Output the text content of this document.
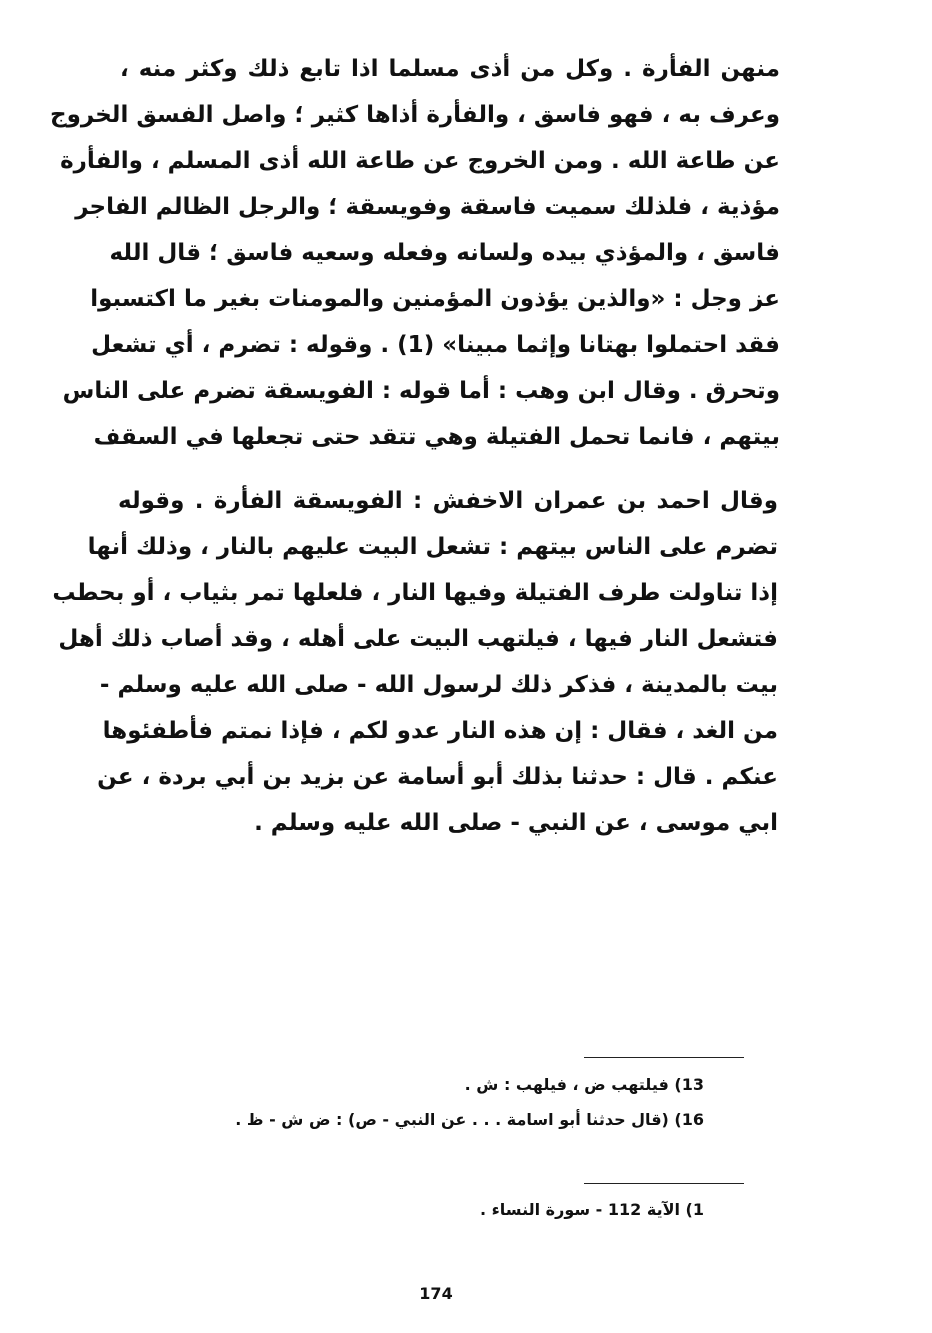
منهن الفأرة . وكل من أذى مسلما اذا تابع ذلك وكثر منه ،
وعرف به ، فهو فاسق ، والفأرة أذاها كثير ؛ واصل الفسق الخروج
عن طاعة الله . ومن الخروج عن طاعة الله أذى المسلم ، والفأرة
مؤذية ، فلذلك سميت فاسقة وفويسقة ؛ والرجل الظالم الفاجر
فاسق ، والمؤذي بيده ولسانه وفعله وسعيه فاسق ؛ قال الله
عز وجل : «والذين يؤذون المؤمنين والمومنات بغير ما اكتسبوا
فقد احتملوا بهتانا وإثما مبينا» (1) . وقوله : تضرم ، أي تشعل
وتحرق . وقال ابن وهب : أما قوله : الفويسقة تضرم على الناس
بيتهم ، فانما تحمل الفتيلة وهي تتقد حتى تجعلها في السقف
وقال احمد بن عمران الاخفش : الفويسقة الفأرة . وقوله
تضرم على الناس بيتهم : تشعل البيت عليهم بالنار ، وذلك أنها
إذا تناولت طرف الفتيلة وفيها النار ، فلعلها تمر بثياب ، أو بحطب
فتشعل النار فيها ، فيلتهب البيت على أهله ، وقد أصاب ذلك أهل
بيت بالمدينة ، فذكر ذلك لرسول الله - صلى الله عليه وسلم -
من الغد ، فقال : إن هذه النار عدو لكم ، فإذا نمتم فأطفئوها
عنكم . قال : حدثنا بذلك أبو أسامة عن بزيد بن أبي بردة ، عن
ابي موسى ، عن النبي - صلى الله عليه وسلم .
13) فيلتهب ض ، فيلهب : ش .
16) (قال حدثنا أبو اسامة . . . عن النبي - ص) : ض ش - ظ .
1) الآية 112 - سورة النساء .
174
